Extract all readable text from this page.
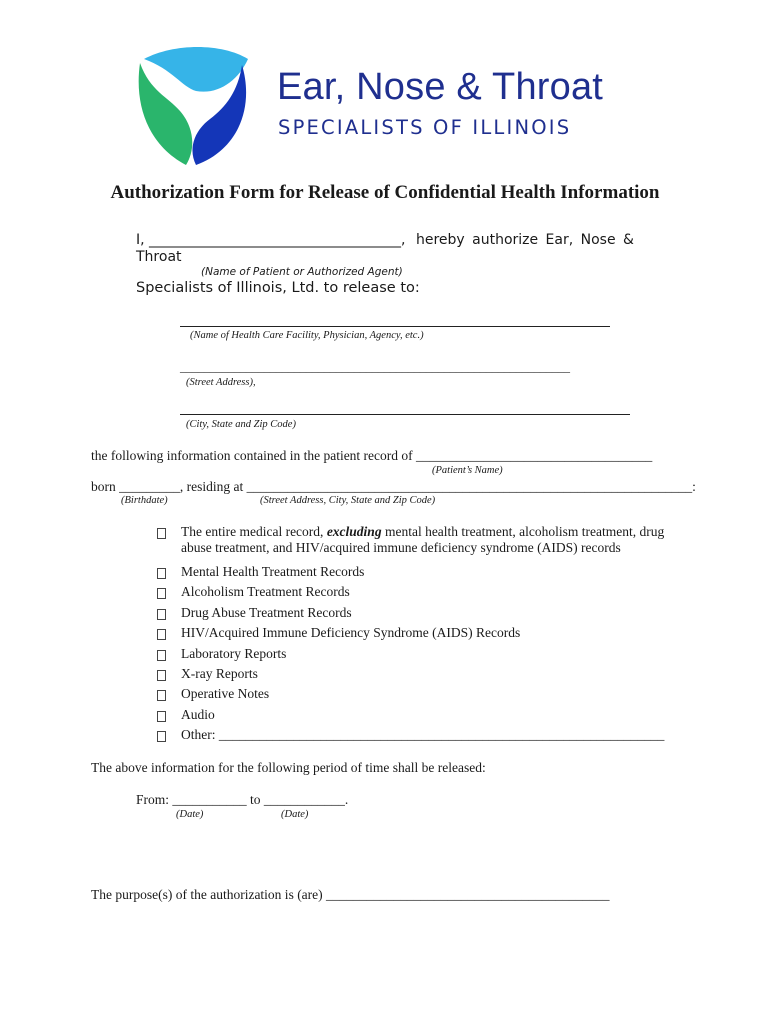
Ear, Nose & Throat
SPECIALISTS OF ILLINOIS
Authorization Form for Release of Confidential Health Information
I, ____________________________________, hereby authorize Ear, Nose &
Throat
(Name of Patient or Authorized Agent)
Specialists of Illinois, Ltd. to release to:
(Name of Health Care Facility, Physician, Agency, etc.)
_________________________________________________________________
(Street Address),
(City, State and Zip Code)
the following information contained in the patient record of ___________________________________
(Patient’s Name)
born _________, residing at __________________________________________________________________:
(Birthdate)	(Street Address, City, State and Zip Code)
The entire medical record, excluding mental health treatment, alcoholism treatment, drug
abuse treatment, and HIV/acquired immune deficiency syndrome (AIDS) records
Mental Health Treatment Records
Alcoholism Treatment Records
Drug Abuse Treatment Records
HIV/Acquired Immune Deficiency Syndrome (AIDS) Records
Laboratory Reports
X-ray Reports
Operative Notes
Audio
Other: __________________________________________________________________
The above information for the following period of time shall be released:
From: ___________ to ____________.
(Date)	(Date)
The purpose(s) of the authorization is (are) __________________________________________
